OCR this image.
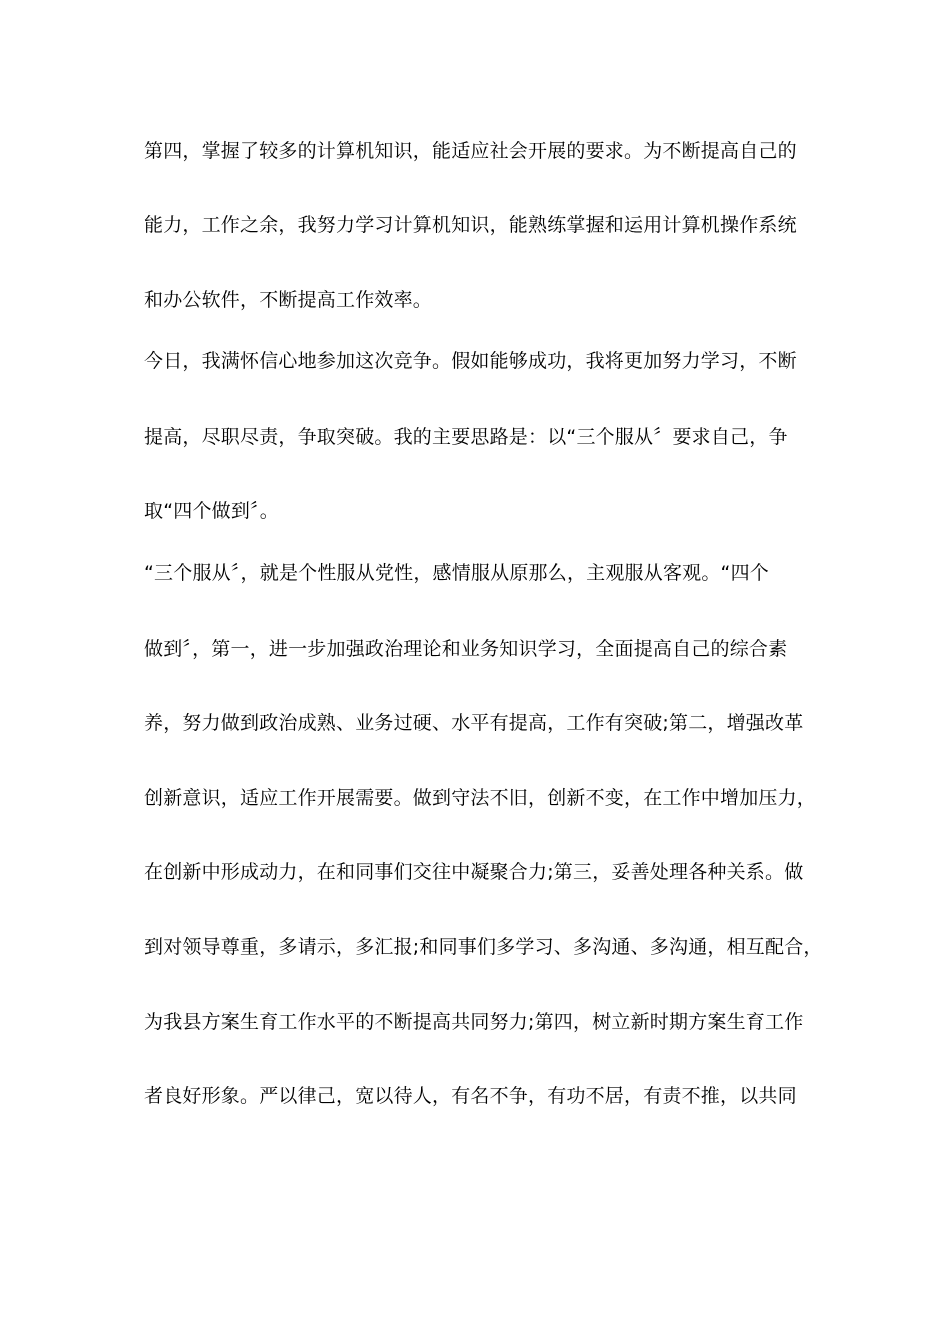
第四，掌握了较多的计算机知识，能适应社会开展的要求。为不断提高自己的
能力，工作之余，我努力学习计算机知识，能熟练掌握和运用计算机操作系统
和办公软件，不断提高工作效率。
今日，我满怀信心地参加这次竞争。假如能够成功，我将更加努力学习，不断
提高，尽职尽责，争取突破。我的主要思路是：以“三个服从〞要求自己，争
取“四个做到〞。
“三个服从〞，就是个性服从党性，感情服从原那么，主观服从客观。“四个
做到〞，第一，进一步加强政治理论和业务知识学习，全面提高自己的综合素
养，努力做到政治成熟、业务过硬、水平有提高，工作有突破;第二，增强改革
创新意识，适应工作开展需要。做到守法不旧，创新不变，在工作中增加压力，
在创新中形成动力，在和同事们交往中凝聚合力;第三，妥善处理各种关系。做
到对领导尊重，多请示，多汇报;和同事们多学习、多沟通、多沟通，相互配合，
为我县方案生育工作水平的不断提高共同努力;第四，树立新时期方案生育工作
者良好形象。严以律己，宽以待人，有名不争，有功不居，有责不推，以共同
